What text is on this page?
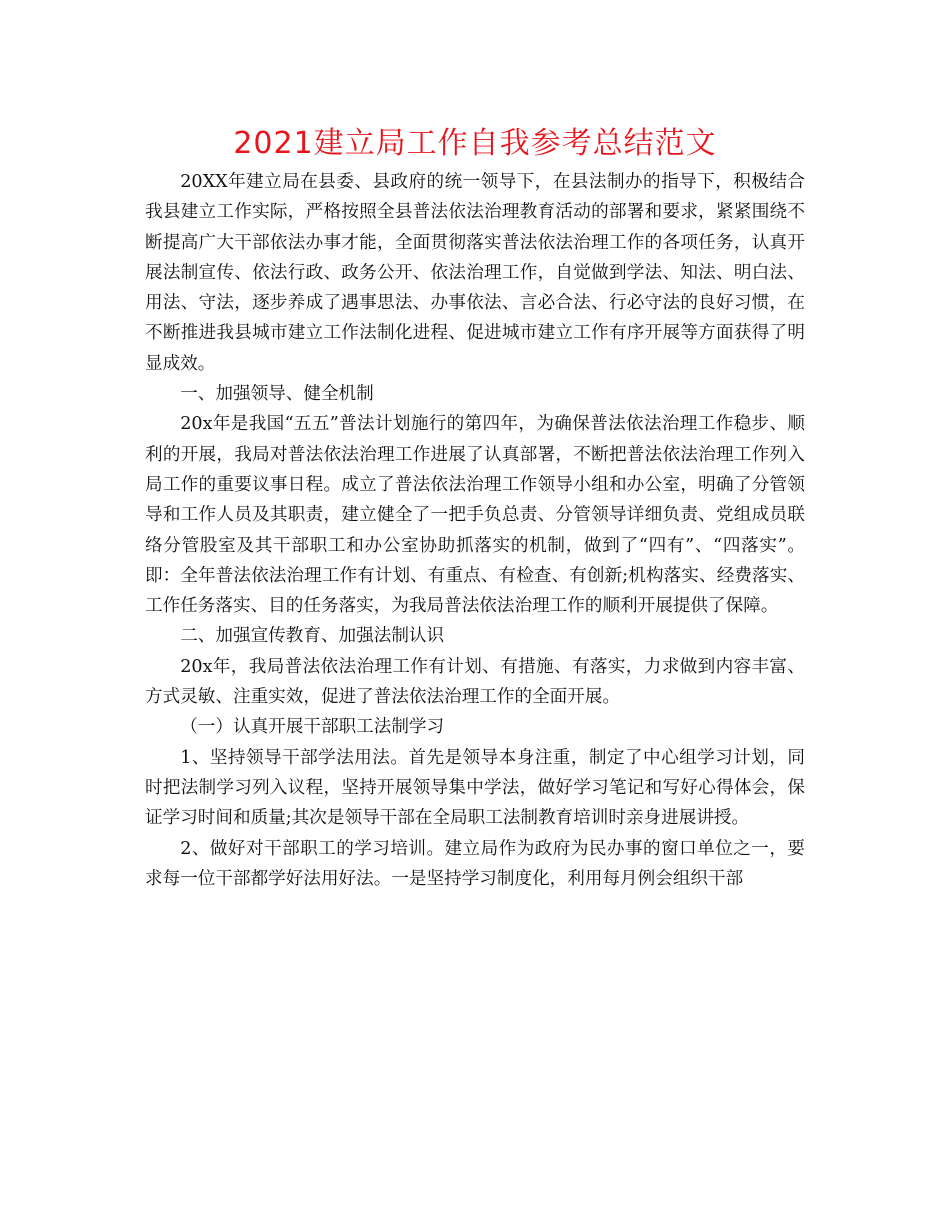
2021建立局工作自我参考总结范文

20XX年建立局在县委、县政府的统一领导下，在县法制办的指导下，积极结合我县建立工作实际，严格按照全县普法依法治理教育活动的部署和要求，紧紧围绕不断提高广大干部依法办事才能，全面贯彻落实普法依法治理工作的各项任务，认真开展法制宣传、依法行政、政务公开、依法治理工作，自觉做到学法、知法、明白法、用法、守法，逐步养成了遇事思法、办事依法、言必合法、行必守法的良好习惯，在不断推进我县城市建立工作法制化进程、促进城市建立工作有序开展等方面获得了明显成效。

一、加强领导、健全机制

20x年是我国“五五”普法计划施行的第四年，为确保普法依法治理工作稳步、顺利的开展，我局对普法依法治理工作进展了认真部署，不断把普法依法治理工作列入局工作的重要议事日程。成立了普法依法治理工作领导小组和办公室，明确了分管领导和工作人员及其职责，建立健全了一把手负总责、分管领导详细负责、党组成员联络分管股室及其干部职工和办公室协助抓落实的机制，做到了“四有”、“四落实”。即：全年普法依法治理工作有计划、有重点、有检查、有创新;机构落实、经费落实、工作任务落实、目的任务落实，为我局普法依法治理工作的顺利开展提供了保障。

二、加强宣传教育、加强法制认识

20x年，我局普法依法治理工作有计划、有措施、有落实，力求做到内容丰富、方式灵敏、注重实效，促进了普法依法治理工作的全面开展。

（一）认真开展干部职工法制学习

1、坚持领导干部学法用法。首先是领导本身注重，制定了中心组学习计划，同时把法制学习列入议程，坚持开展领导集中学法，做好学习笔记和写好心得体会，保证学习时间和质量;其次是领导干部在全局职工法制教育培训时亲身进展讲授。

2、做好对干部职工的学习培训。建立局作为政府为民办事的窗口单位之一，要求每一位干部都学好法用好法。一是坚持学习制度化，利用每月例会组织干部
